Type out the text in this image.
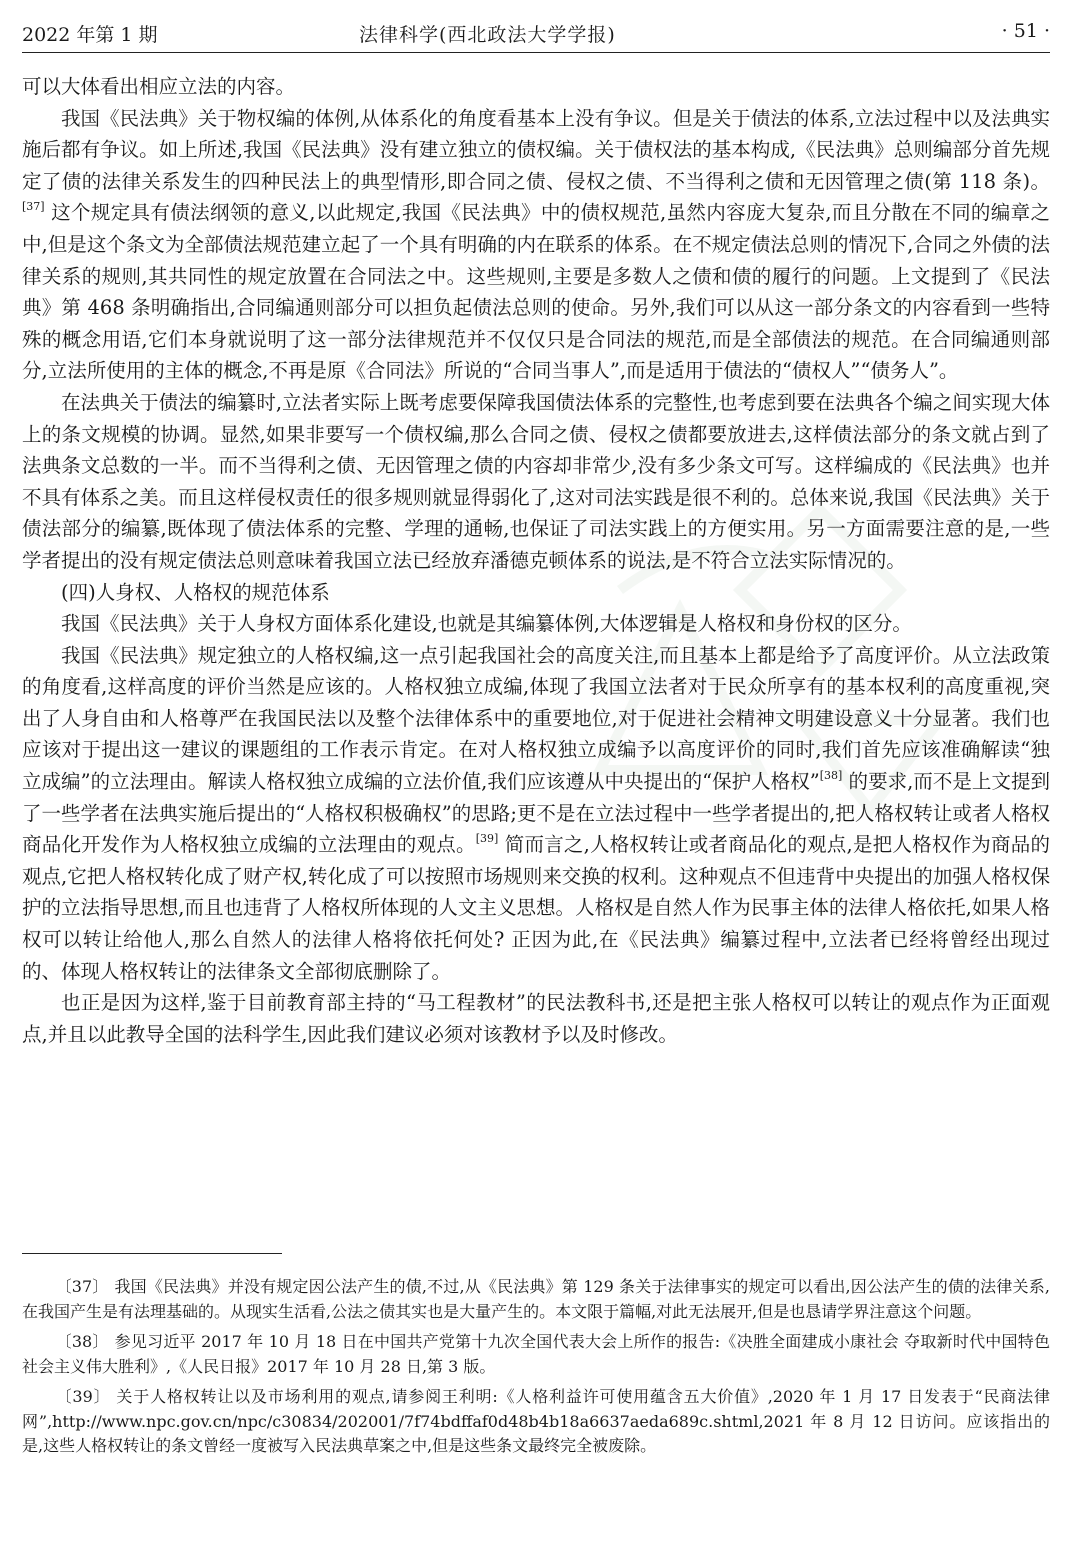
2022 年第 1 期	法律科学(西北政法大学学报)	· 51 ·

可以大体看出相应立法的内容。

我国《民法典》关于物权编的体例,从体系化的角度看基本上没有争议。但是关于债法的体系,立法过程中以及法典实施后都有争议。如上所述,我国《民法典》没有建立独立的债权编。关于债权法的基本构成,《民法典》总则编部分首先规定了债的法律关系发生的四种民法上的典型情形,即合同之债、侵权之债、不当得利之债和无因管理之债(第 118 条)。[37] 这个规定具有债法纲领的意义,以此规定,我国《民法典》中的债权规范,虽然内容庞大复杂,而且分散在不同的编章之中,但是这个条文为全部债法规范建立起了一个具有明确的内在联系的体系。在不规定债法总则的情况下,合同之外债的法律关系的规则,其共同性的规定放置在合同法之中。这些规则,主要是多数人之债和债的履行的问题。上文提到了《民法典》第 468 条明确指出,合同编通则部分可以担负起债法总则的使命。另外,我们可以从这一部分条文的内容看到一些特殊的概念用语,它们本身就说明了这一部分法律规范并不仅仅只是合同法的规范,而是全部债法的规范。在合同编通则部分,立法所使用的主体的概念,不再是原《合同法》所说的“合同当事人”,而是适用于债法的“债权人”“债务人”。

在法典关于债法的编纂时,立法者实际上既考虑要保障我国债法体系的完整性,也考虑到要在法典各个编之间实现大体上的条文规模的协调。显然,如果非要写一个债权编,那么合同之债、侵权之债都要放进去,这样债法部分的条文就占到了法典条文总数的一半。而不当得利之债、无因管理之债的内容却非常少,没有多少条文可写。这样编成的《民法典》也并不具有体系之美。而且这样侵权责任的很多规则就显得弱化了,这对司法实践是很不利的。总体来说,我国《民法典》关于债法部分的编纂,既体现了债法体系的完整、学理的通畅,也保证了司法实践上的方便实用。另一方面需要注意的是,一些学者提出的没有规定债法总则意味着我国立法已经放弃潘德克顿体系的说法,是不符合立法实际情况的。

(四)人身权、人格权的规范体系

我国《民法典》关于人身权方面体系化建设,也就是其编纂体例,大体逻辑是人格权和身份权的区分。

我国《民法典》规定独立的人格权编,这一点引起我国社会的高度关注,而且基本上都是给予了高度评价。从立法政策的角度看,这样高度的评价当然是应该的。人格权独立成编,体现了我国立法者对于民众所享有的基本权利的高度重视,突出了人身自由和人格尊严在我国民法以及整个法律体系中的重要地位,对于促进社会精神文明建设意义十分显著。我们也应该对于提出这一建议的课题组的工作表示肯定。在对人格权独立成编予以高度评价的同时,我们首先应该准确解读“独立成编”的立法理由。解读人格权独立成编的立法价值,我们应该遵从中央提出的“保护人格权”[38] 的要求,而不是上文提到了一些学者在法典实施后提出的“人格权积极确权”的思路;更不是在立法过程中一些学者提出的,把人格权转让或者人格权商品化开发作为人格权独立成编的立法理由的观点。[39] 简而言之,人格权转让或者商品化的观点,是把人格权作为商品的观点,它把人格权转化成了财产权,转化成了可以按照市场规则来交换的权利。这种观点不但违背中央提出的加强人格权保护的立法指导思想,而且也违背了人格权所体现的人文主义思想。人格权是自然人作为民事主体的法律人格依托,如果人格权可以转让给他人,那么自然人的法律人格将依托何处? 正因为此,在《民法典》编纂过程中,立法者已经将曾经出现过的、体现人格权转让的法律条文全部彻底删除了。

也正是因为这样,鉴于目前教育部主持的“马工程教材”的民法教科书,还是把主张人格权可以转让的观点作为正面观点,并且以此教导全国的法科学生,因此我们建议必须对该教材予以及时修改。

〔37〕 我国《民法典》并没有规定因公法产生的债,不过,从《民法典》第 129 条关于法律事实的规定可以看出,因公法产生的债的法律关系,在我国产生是有法理基础的。从现实生活看,公法之债其实也是大量产生的。本文限于篇幅,对此无法展开,但是也恳请学界注意这个问题。

〔38〕 参见习近平 2017 年 10 月 18 日在中国共产党第十九次全国代表大会上所作的报告:《决胜全面建成小康社会 夺取新时代中国特色社会主义伟大胜利》,《人民日报》2017 年 10 月 28 日,第 3 版。

〔39〕 关于人格权转让以及市场利用的观点,请参阅王利明:《人格利益许可使用蕴含五大价值》,2020 年 1 月 17 日发表于“民商法律网”,http://www.npc.gov.cn/npc/c30834/202001/7f74bdffaf0d48b4b18a6637aeda689c.shtml,2021 年 8 月 12 日访问。应该指出的是,这些人格权转让的条文曾经一度被写入民法典草案之中,但是这些条文最终完全被废除。
